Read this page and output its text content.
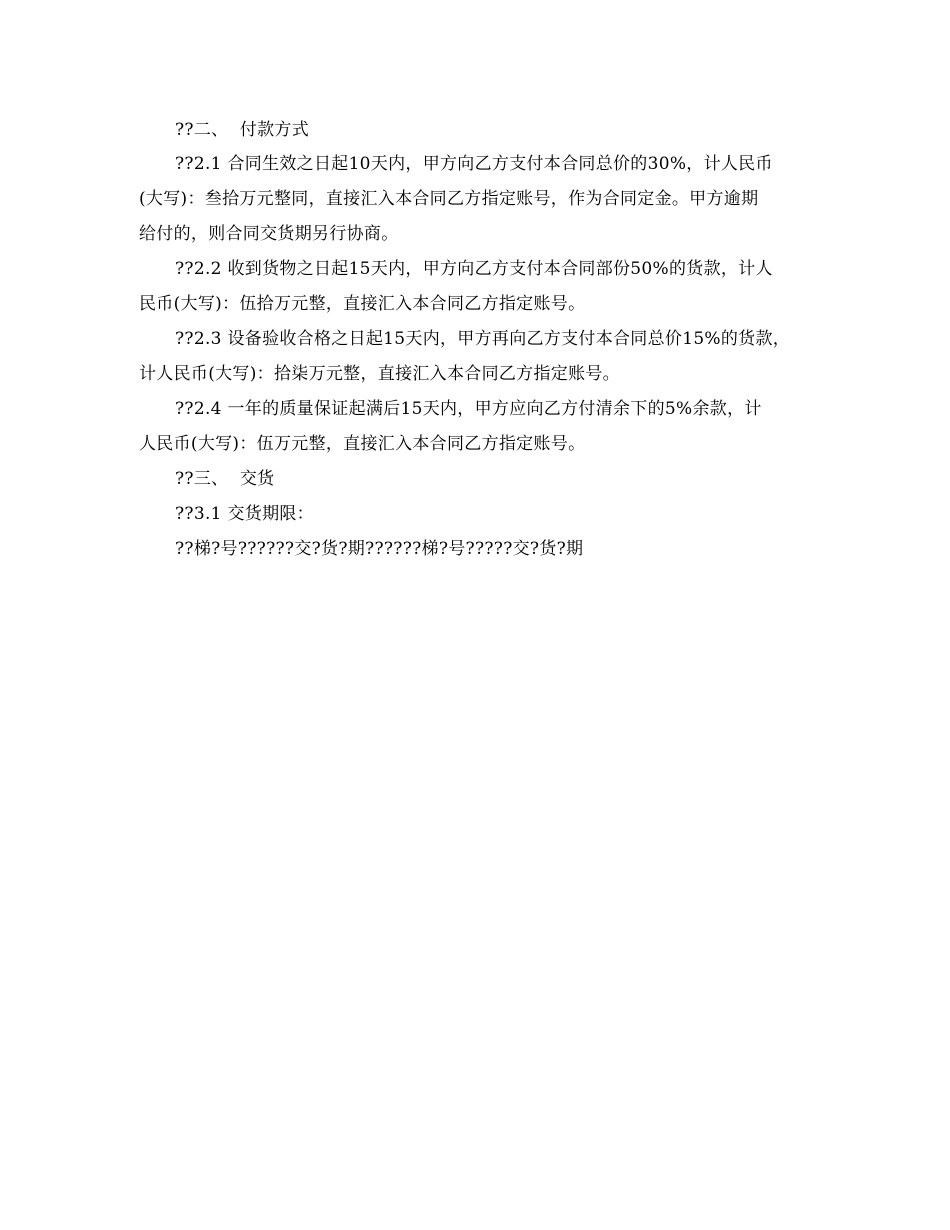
??二、  付款方式
??2.1 合同生效之日起10天内，甲方向乙方支付本合同总价的30%，计人民币
(大写)：叁拾万元整同，直接汇入本合同乙方指定账号，作为合同定金。甲方逾期
给付的，则合同交货期另行协商。
??2.2 收到货物之日起15天内，甲方向乙方支付本合同部份50%的货款，计人
民币(大写)：伍拾万元整，直接汇入本合同乙方指定账号。
??2.3 设备验收合格之日起15天内，甲方再向乙方支付本合同总价15%的货款，
计人民币(大写)：拾柒万元整，直接汇入本合同乙方指定账号。
??2.4 一年的质量保证起满后15天内，甲方应向乙方付清余下的5%余款，计
人民币(大写)：伍万元整，直接汇入本合同乙方指定账号。
??三、  交货
??3.1 交货期限：
??梯?号??????交?货?期??????梯?号?????交?货?期
